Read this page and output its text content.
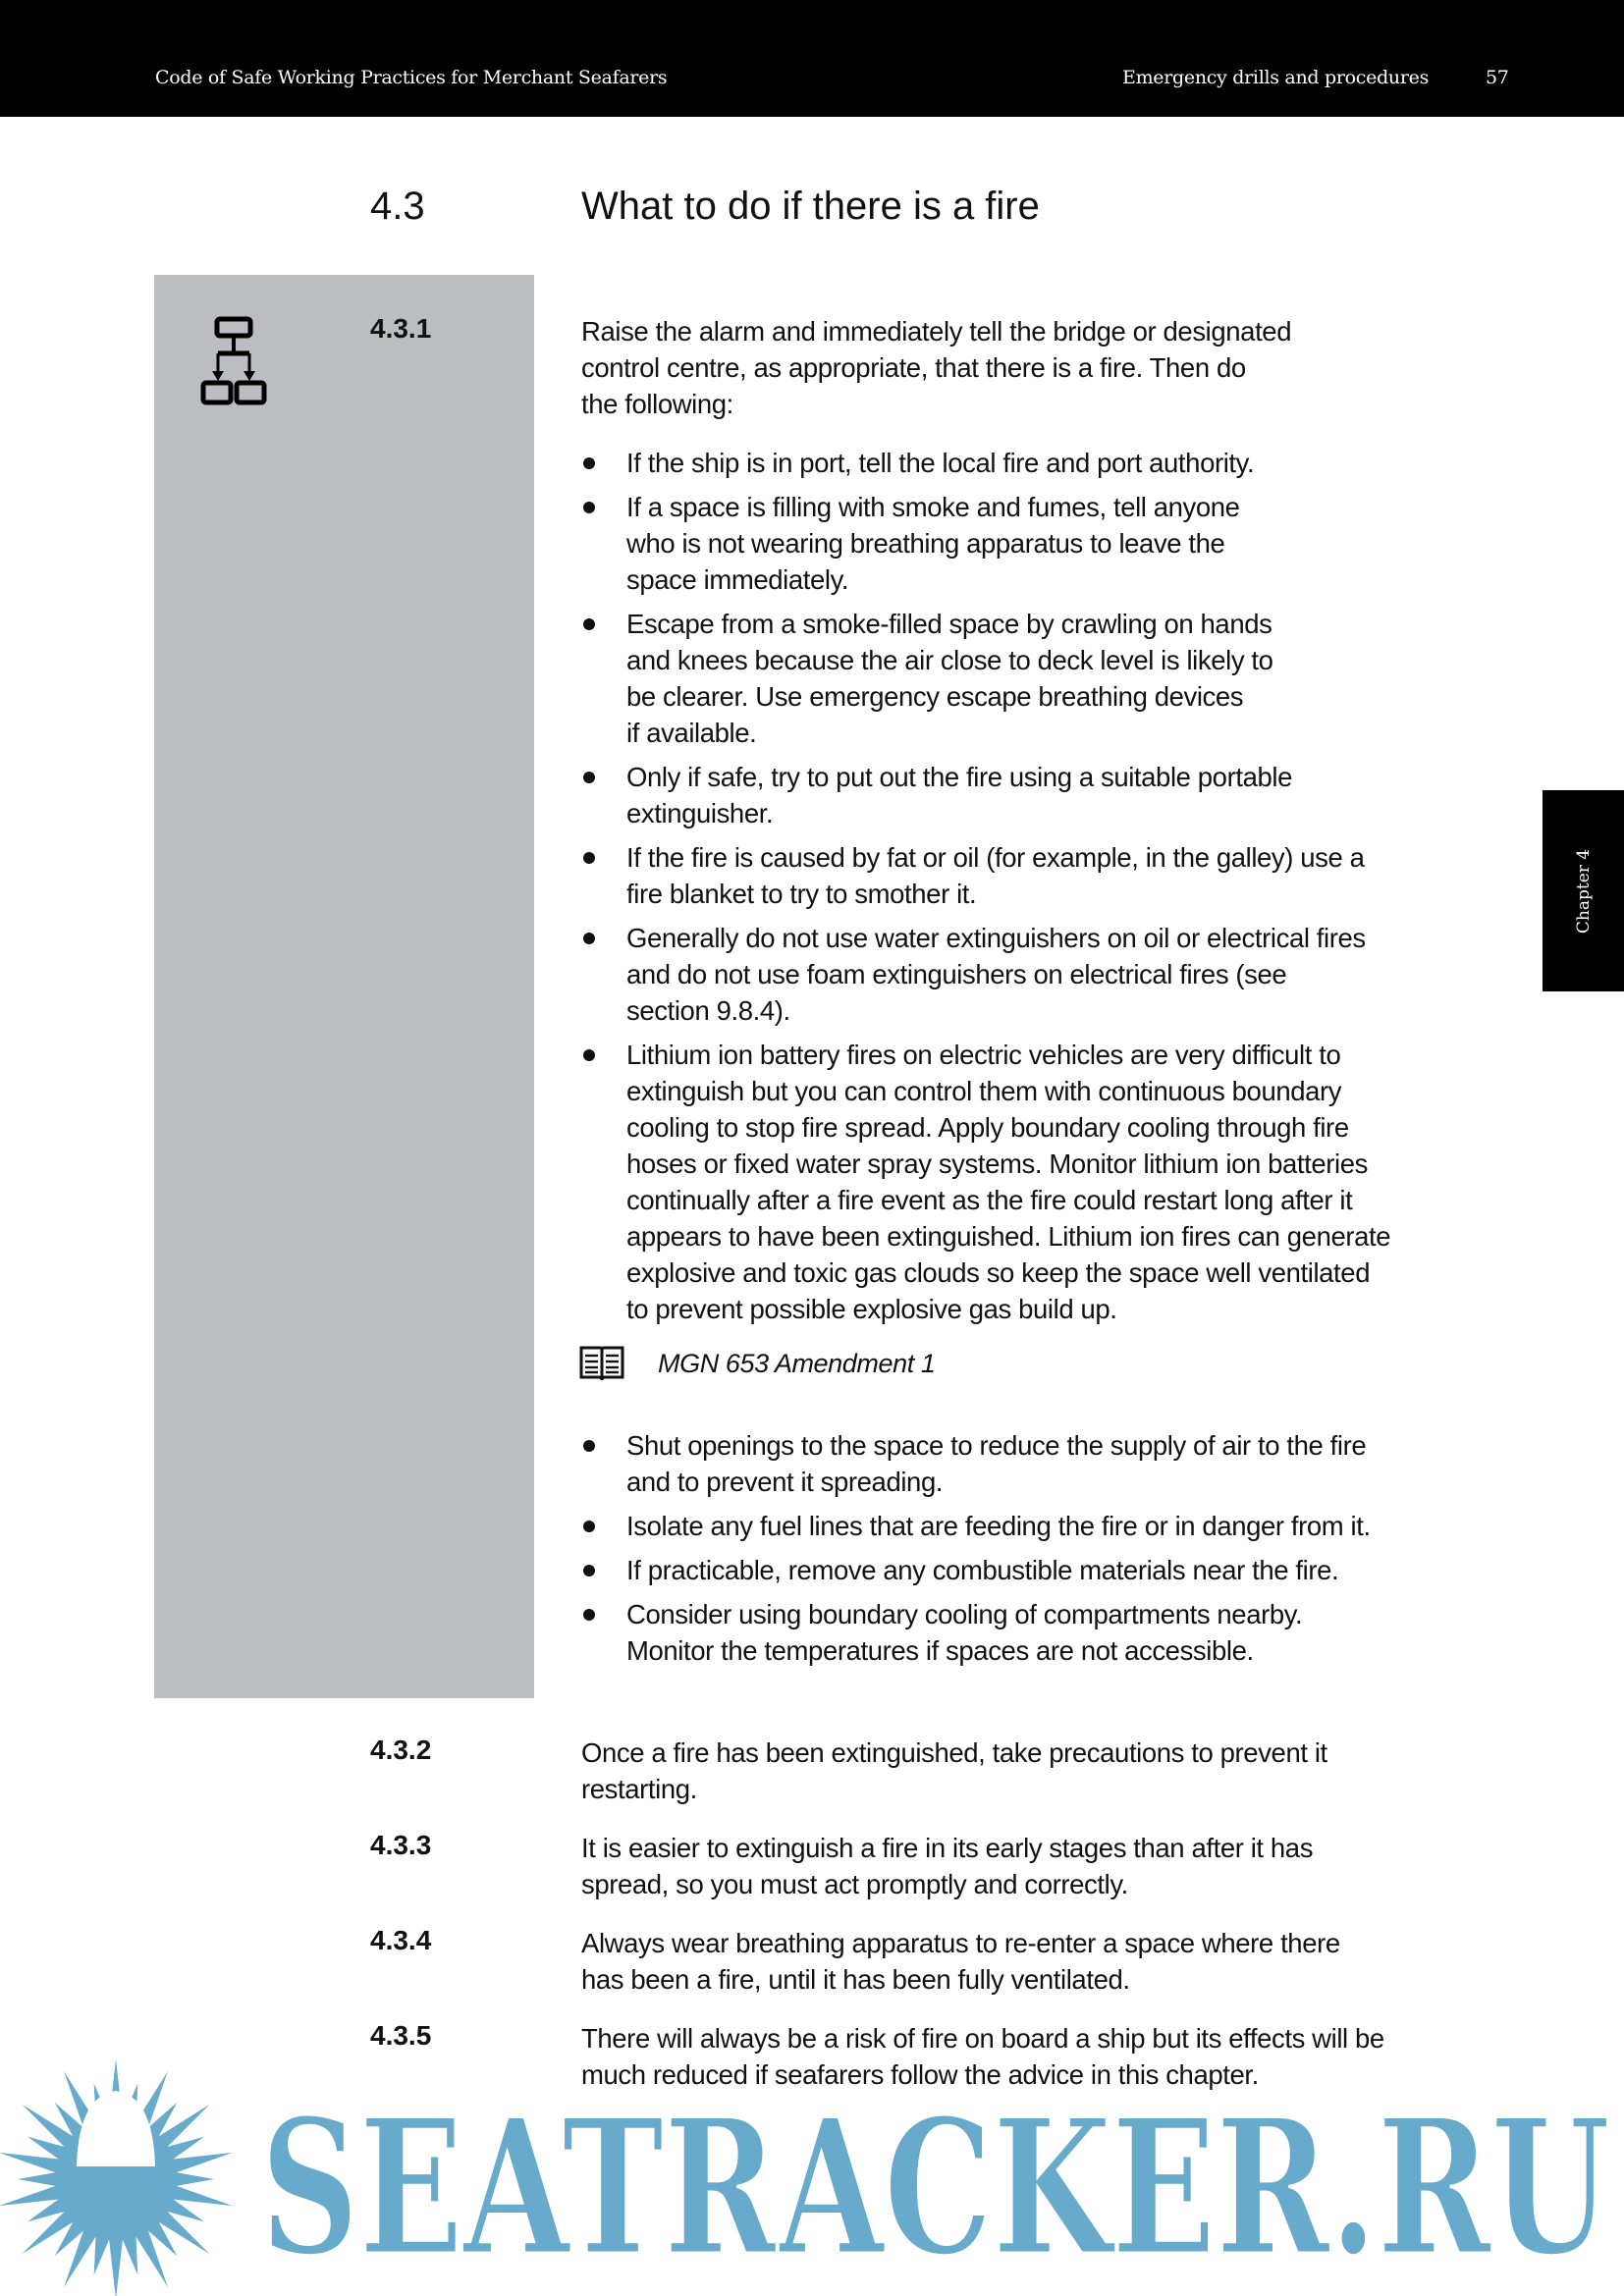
Code of Safe Working Practices for Merchant Seafarers	Emergency drills and procedures	57
Chapter 4
4.3	What to do if there is a fire
4.3.1	Raise the alarm and immediately tell the bridge or designated
control centre, as appropriate, that there is a fire. Then do
the following:
If the ship is in port, tell the local fire and port authority.
If a space is filling with smoke and fumes, tell anyone
who is not wearing breathing apparatus to leave the
space immediately.
Escape from a smoke-filled space by crawling on hands
and knees because the air close to deck level is likely to
be clearer. Use emergency escape breathing devices
if available.
Only if safe, try to put out the fire using a suitable portable
extinguisher.
If the fire is caused by fat or oil (for example, in the galley) use a
fire blanket to try to smother it.
Generally do not use water extinguishers on oil or electrical fires
and do not use foam extinguishers on electrical fires (see
section 9.8.4).
Lithium ion battery fires on electric vehicles are very difficult to
extinguish but you can control them with continuous boundary
cooling to stop fire spread. Apply boundary cooling through fire
hoses or fixed water spray systems. Monitor lithium ion batteries
continually after a fire event as the fire could restart long after it
appears to have been extinguished. Lithium ion fires can generate
explosive and toxic gas clouds so keep the space well ventilated
to prevent possible explosive gas build up.
MGN 653 Amendment 1
Shut openings to the space to reduce the supply of air to the fire
and to prevent it spreading.
Isolate any fuel lines that are feeding the fire or in danger from it.
If practicable, remove any combustible materials near the fire.
Consider using boundary cooling of compartments nearby.
Monitor the temperatures if spaces are not accessible.
4.3.2	Once a fire has been extinguished, take precautions to prevent it
restarting.
4.3.3	It is easier to extinguish a fire in its early stages than after it has
spread, so you must act promptly and correctly.
4.3.4	Always wear breathing apparatus to re-enter a space where there
has been a fire, until it has been fully ventilated.
4.3.5	There will always be a risk of fire on board a ship but its effects will be
much reduced if seafarers follow the advice in this chapter.
SEATRACKER.RU
